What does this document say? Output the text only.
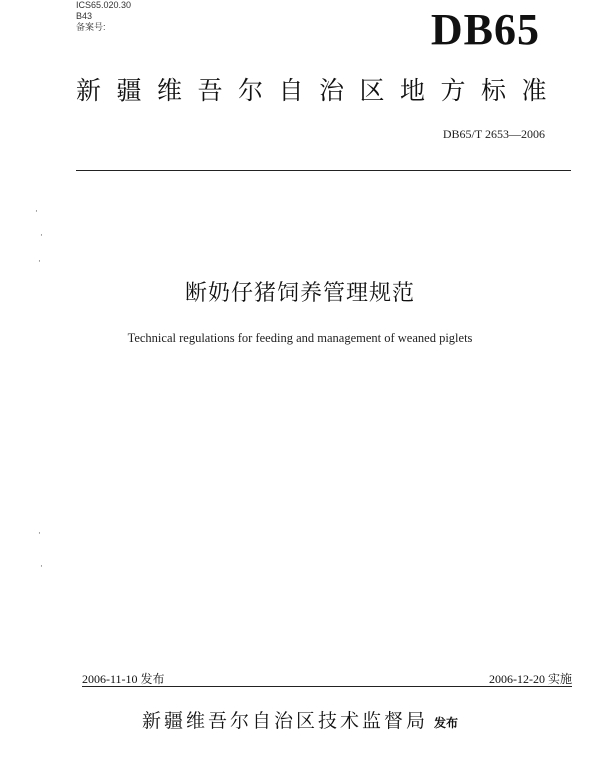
ICS65.020.30
B43
备案号:	DB65
新疆维吾尔自治区地方标准
DB65/T 2653—2006
·
·
·
·
·
断奶仔猪饲养管理规范
Technical regulations for feeding and management of weaned piglets
2006-11-10 发布	2006-12-20 实施
新疆维吾尔自治区技术监督局 发布
